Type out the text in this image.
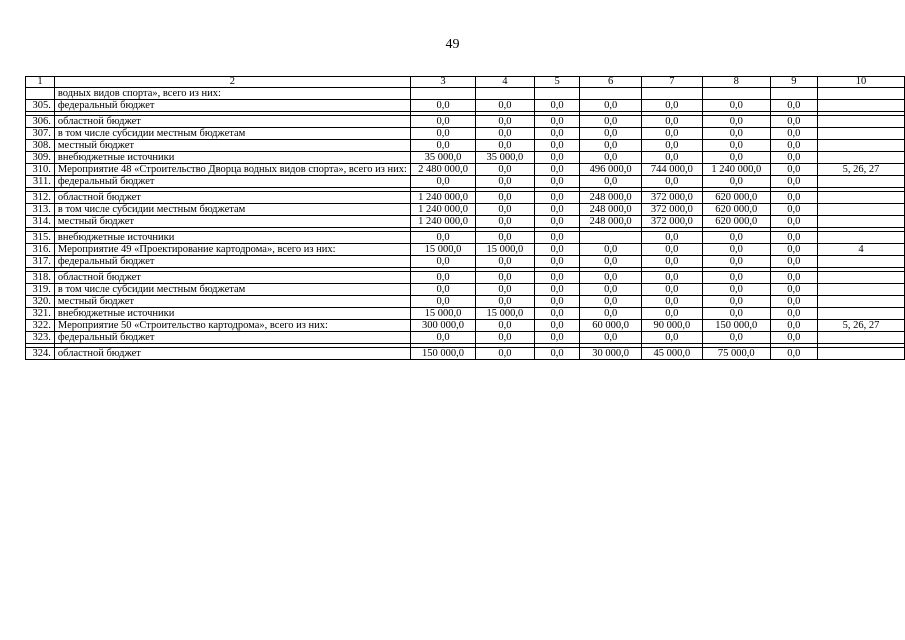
49
1	2	3	4	5	6	7	8	9	10
	водных видов спорта», всего из них:								
305.	федеральный бюджет	0,0	0,0	0,0	0,0	0,0	0,0	0,0	

306.	областной бюджет	0,0	0,0	0,0	0,0	0,0	0,0	0,0	
307.	в том числе субсидии местным бюджетам	0,0	0,0	0,0	0,0	0,0	0,0	0,0	
308.	местный бюджет	0,0	0,0	0,0	0,0	0,0	0,0	0,0	
309.	внебюджетные источники	35 000,0	35 000,0	0,0	0,0	0,0	0,0	0,0	
310.	Мероприятие 48 «Строительство Дворца водных видов спорта», всего из них:	2 480 000,0	0,0	0,0	496 000,0	744 000,0	1 240 000,0	0,0	5, 26, 27
311.	федеральный бюджет	0,0	0,0	0,0	0,0	0,0	0,0	0,0	

312.	областной бюджет	1 240 000,0	0,0	0,0	248 000,0	372 000,0	620 000,0	0,0	
313.	в том числе субсидии местным бюджетам	1 240 000,0	0,0	0,0	248 000,0	372 000,0	620 000,0	0,0	
314.	местный бюджет	1 240 000,0	0,0	0,0	248 000,0	372 000,0	620 000,0	0,0	

315.	внебюджетные источники	0,0	0,0	0,0		0,0	0,0	0,0	
316.	Мероприятие 49 «Проектирование картодрома», всего из них:	15 000,0	15 000,0	0,0	0,0	0,0	0,0	0,0	4
317.	федеральный бюджет	0,0	0,0	0,0	0,0	0,0	0,0	0,0	

318.	областной бюджет	0,0	0,0	0,0	0,0	0,0	0,0	0,0	
319.	в том числе субсидии местным бюджетам	0,0	0,0	0,0	0,0	0,0	0,0	0,0	
320.	местный бюджет	0,0	0,0	0,0	0,0	0,0	0,0	0,0	
321.	внебюджетные источники	15 000,0	15 000,0	0,0	0,0	0,0	0,0	0,0	
322.	Мероприятие 50 «Строительство картодрома», всего из них:	300 000,0	0,0	0,0	60 000,0	90 000,0	150 000,0	0,0	5, 26, 27
323.	федеральный бюджет	0,0	0,0	0,0	0,0	0,0	0,0	0,0	

324.	областной бюджет	150 000,0	0,0	0,0	30 000,0	45 000,0	75 000,0	0,0	
